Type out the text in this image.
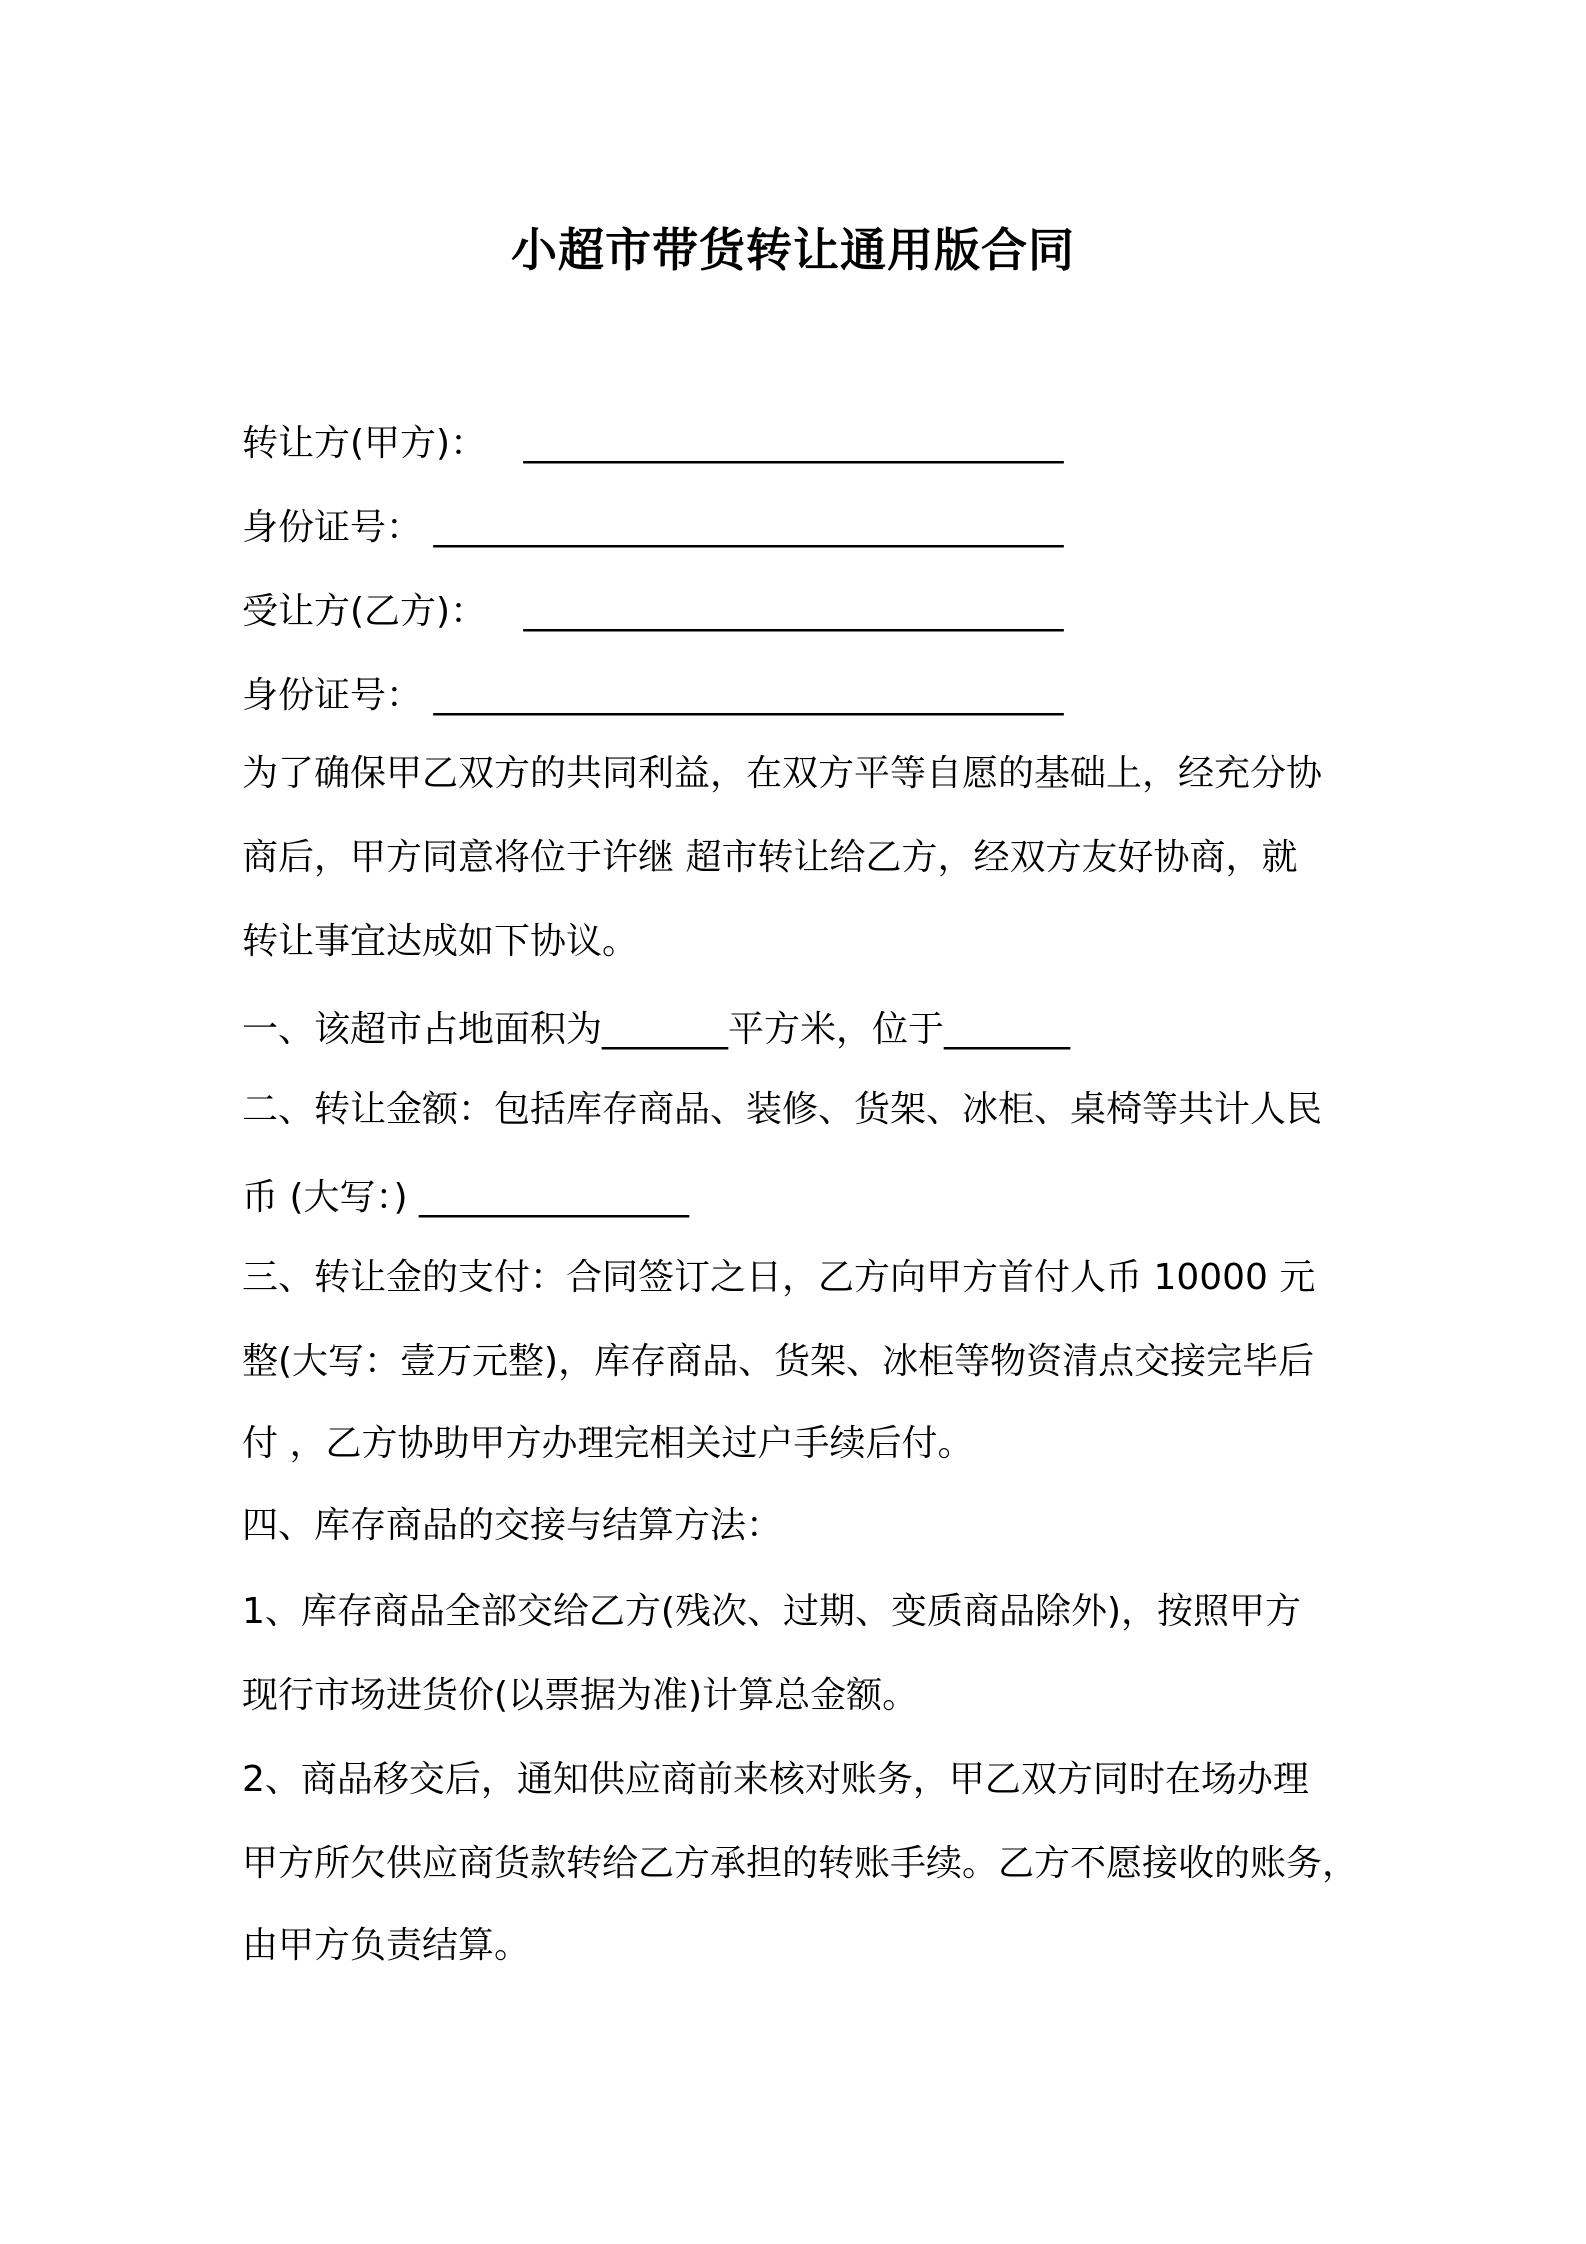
小超市带货转让通用版合同
转让方(甲方)： ______________________________
身份证号： ___________________________________
受让方(乙方)： ______________________________
身份证号： ___________________________________
为了确保甲乙双方的共同利益，在双方平等自愿的基础上，经充分协
商后，甲方同意将位于许继 超市转让给乙方，经双方友好协商，就
转让事宜达成如下协议。
一、该超市占地面积为_______平方米，位于_______
二、转让金额：包括库存商品、装修、货架、冰柜、桌椅等共计人民
币 (大写：) _______________
三、转让金的支付：合同签订之日，乙方向甲方首付人币 10000 元
整(大写：壹万元整)，库存商品、货架、冰柜等物资清点交接完毕后
付 ，乙方协助甲方办理完相关过户手续后付。
四、库存商品的交接与结算方法：
1、库存商品全部交给乙方(残次、过期、变质商品除外)，按照甲方
现行市场进货价(以票据为准)计算总金额。
2、商品移交后，通知供应商前来核对账务，甲乙双方同时在场办理
甲方所欠供应商货款转给乙方承担的转账手续。乙方不愿接收的账务，
由甲方负责结算。
